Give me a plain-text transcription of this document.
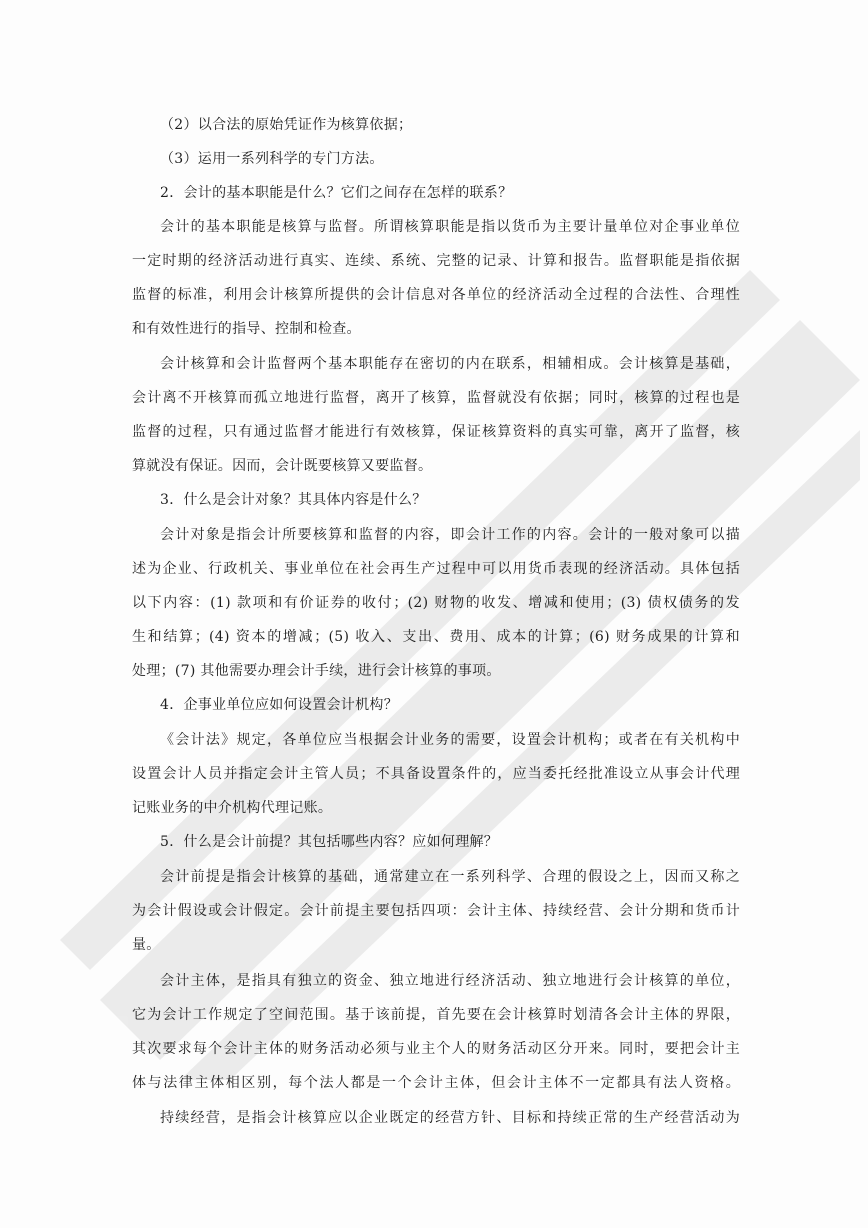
（2）以合法的原始凭证作为核算依据；
（3）运用一系列科学的专门方法。
2．会计的基本职能是什么？它们之间存在怎样的联系？
会计的基本职能是核算与监督。所谓核算职能是指以货币为主要计量单位对企事业单位
一定时期的经济活动进行真实、连续、系统、完整的记录、计算和报告。监督职能是指依据
监督的标准，利用会计核算所提供的会计信息对各单位的经济活动全过程的合法性、合理性
和有效性进行的指导、控制和检查。
会计核算和会计监督两个基本职能存在密切的内在联系，相辅相成。会计核算是基础，
会计离不开核算而孤立地进行监督，离开了核算，监督就没有依据；同时，核算的过程也是
监督的过程，只有通过监督才能进行有效核算，保证核算资料的真实可靠，离开了监督，核
算就没有保证。因而，会计既要核算又要监督。
3．什么是会计对象？其具体内容是什么？
会计对象是指会计所要核算和监督的内容，即会计工作的内容。会计的一般对象可以描
述为企业、行政机关、事业单位在社会再生产过程中可以用货币表现的经济活动。具体包括
以下内容：(1) 款项和有价证券的收付；(2) 财物的收发、增减和使用；(3) 债权债务的发
生和结算；(4) 资本的增减；(5) 收入、支出、费用、成本的计算；(6) 财务成果的计算和
处理；(7) 其他需要办理会计手续，进行会计核算的事项。
4．企事业单位应如何设置会计机构？
《会计法》规定，各单位应当根据会计业务的需要，设置会计机构；或者在有关机构中
设置会计人员并指定会计主管人员；不具备设置条件的，应当委托经批准设立从事会计代理
记账业务的中介机构代理记账。
5．什么是会计前提？其包括哪些内容？应如何理解？
会计前提是指会计核算的基础，通常建立在一系列科学、合理的假设之上，因而又称之
为会计假设或会计假定。会计前提主要包括四项：会计主体、持续经营、会计分期和货币计
量。
会计主体，是指具有独立的资金、独立地进行经济活动、独立地进行会计核算的单位，
它为会计工作规定了空间范围。基于该前提，首先要在会计核算时划清各会计主体的界限，
其次要求每个会计主体的财务活动必须与业主个人的财务活动区分开来。同时，要把会计主
体与法律主体相区别，每个法人都是一个会计主体，但会计主体不一定都具有法人资格。
持续经营，是指会计核算应以企业既定的经营方针、目标和持续正常的生产经营活动为
